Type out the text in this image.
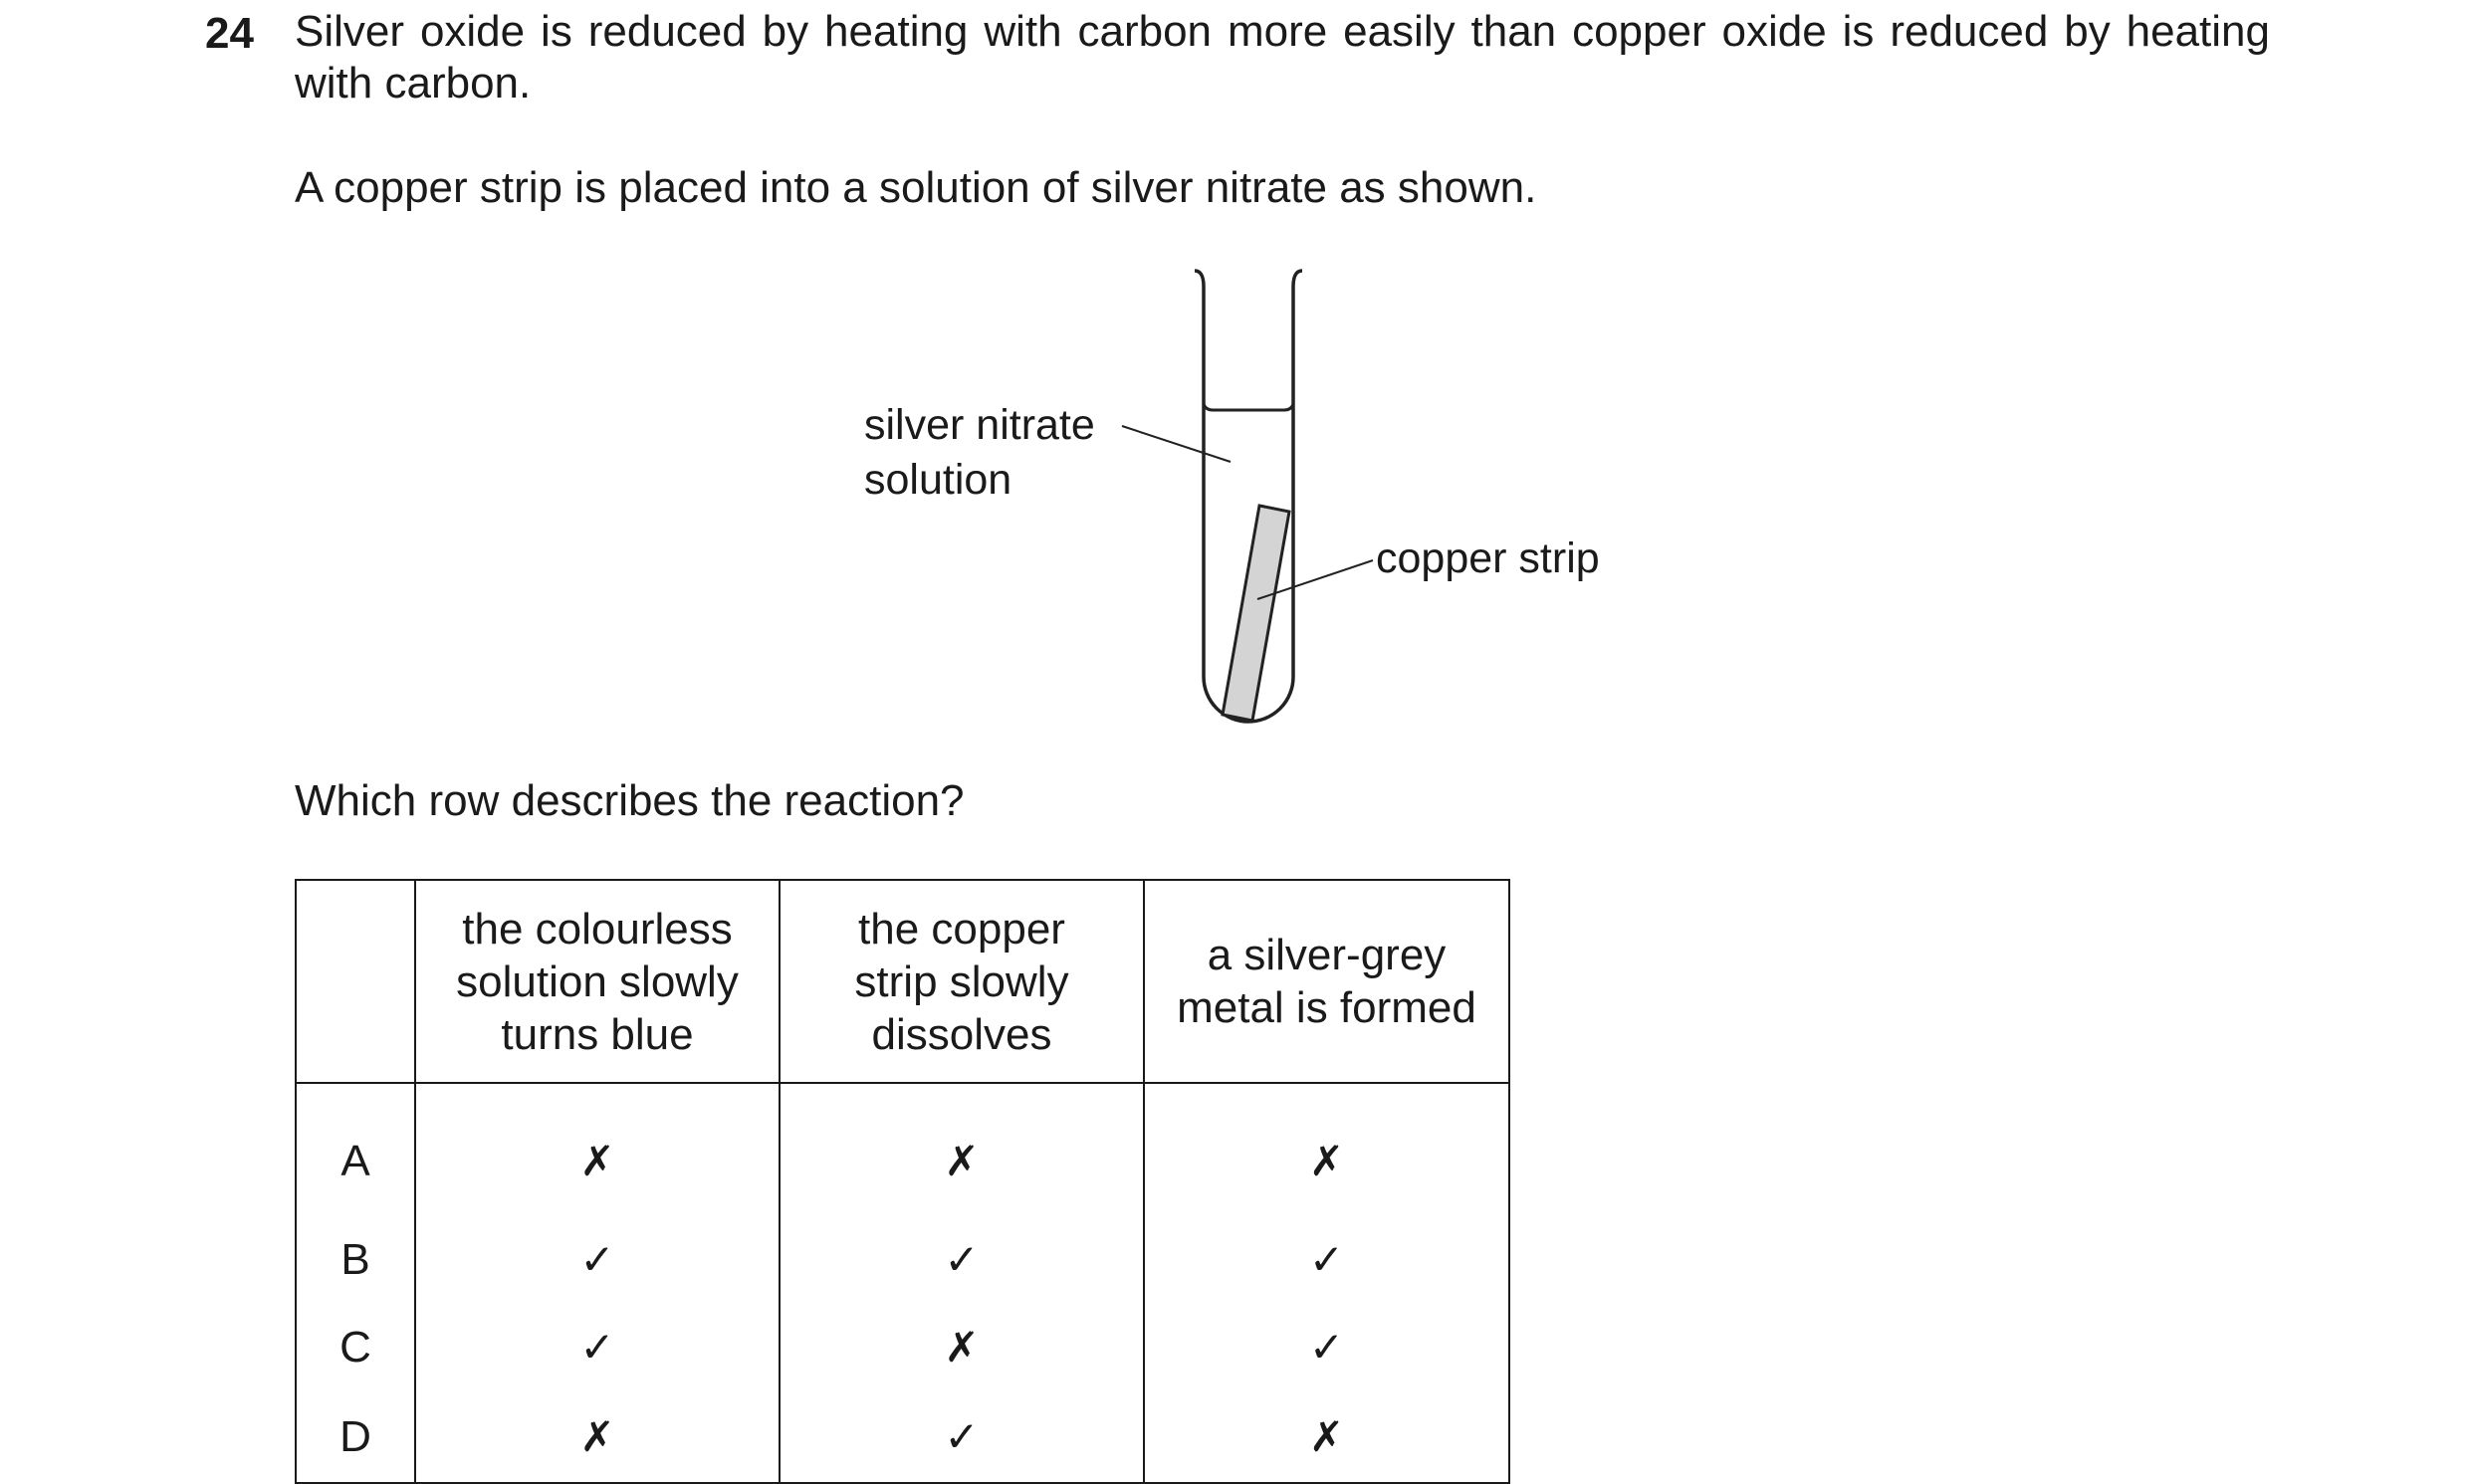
24 Silver oxide is reduced by heating with carbon more easily than copper oxide is reduced by heating with carbon.
A copper strip is placed into a solution of silver nitrate as shown.
silver nitrate
solution
copper strip
Which row describes the reaction?
	the colourless
solution slowly
turns blue	the copper
strip slowly
dissolves	a silver-grey
metal is formed
A	✗	✗	✗
B	✓	✓	✓
C	✓	✗	✓
D	✗	✓	✗
